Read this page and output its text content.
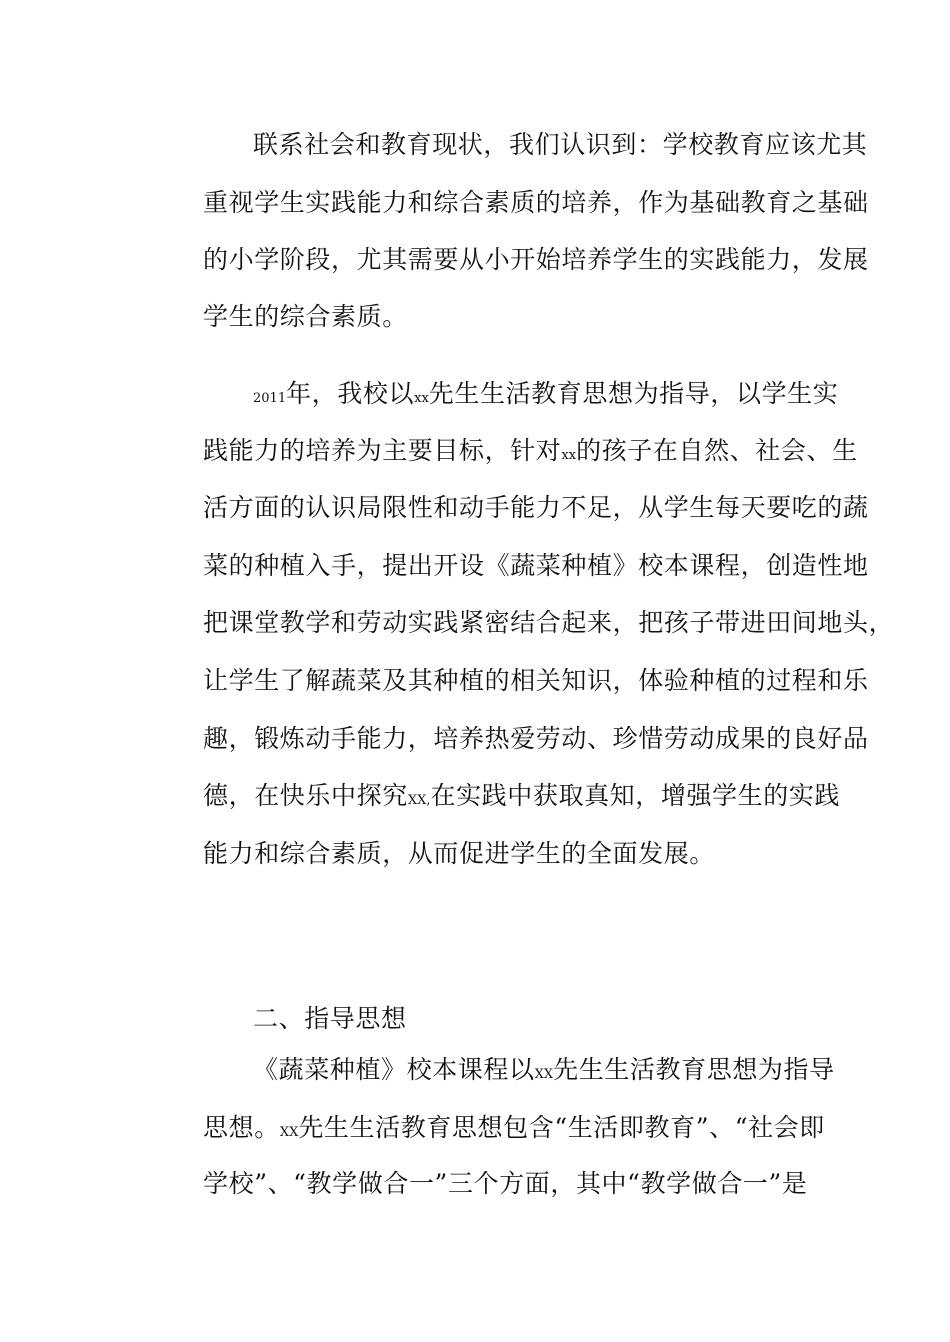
联系社会和教育现状，我们认识到：学校教育应该尤其
重视学生实践能力和综合素质的培养，作为基础教育之基础
的小学阶段，尤其需要从小开始培养学生的实践能力，发展
学生的综合素质。
2011年，我校以xx先生生活教育思想为指导，以学生实
践能力的培养为主要目标，针对xx的孩子在自然、社会、生
活方面的认识局限性和动手能力不足，从学生每天要吃的蔬
菜的种植入手，提出开设《蔬菜种植》校本课程，创造性地
把课堂教学和劳动实践紧密结合起来，把孩子带进田间地头，
让学生了解蔬菜及其种植的相关知识，体验种植的过程和乐
趣，锻炼动手能力，培养热爱劳动、珍惜劳动成果的良好品
德，在快乐中探究XX,在实践中获取真知，增强学生的实践
能力和综合素质，从而促进学生的全面发展。
二、指导思想
《蔬菜种植》校本课程以XX先生生活教育思想为指导
思想。XX先生生活教育思想包含“生活即教育”、“社会即
学校”、“教学做合一”三个方面，其中“教学做合一”是
